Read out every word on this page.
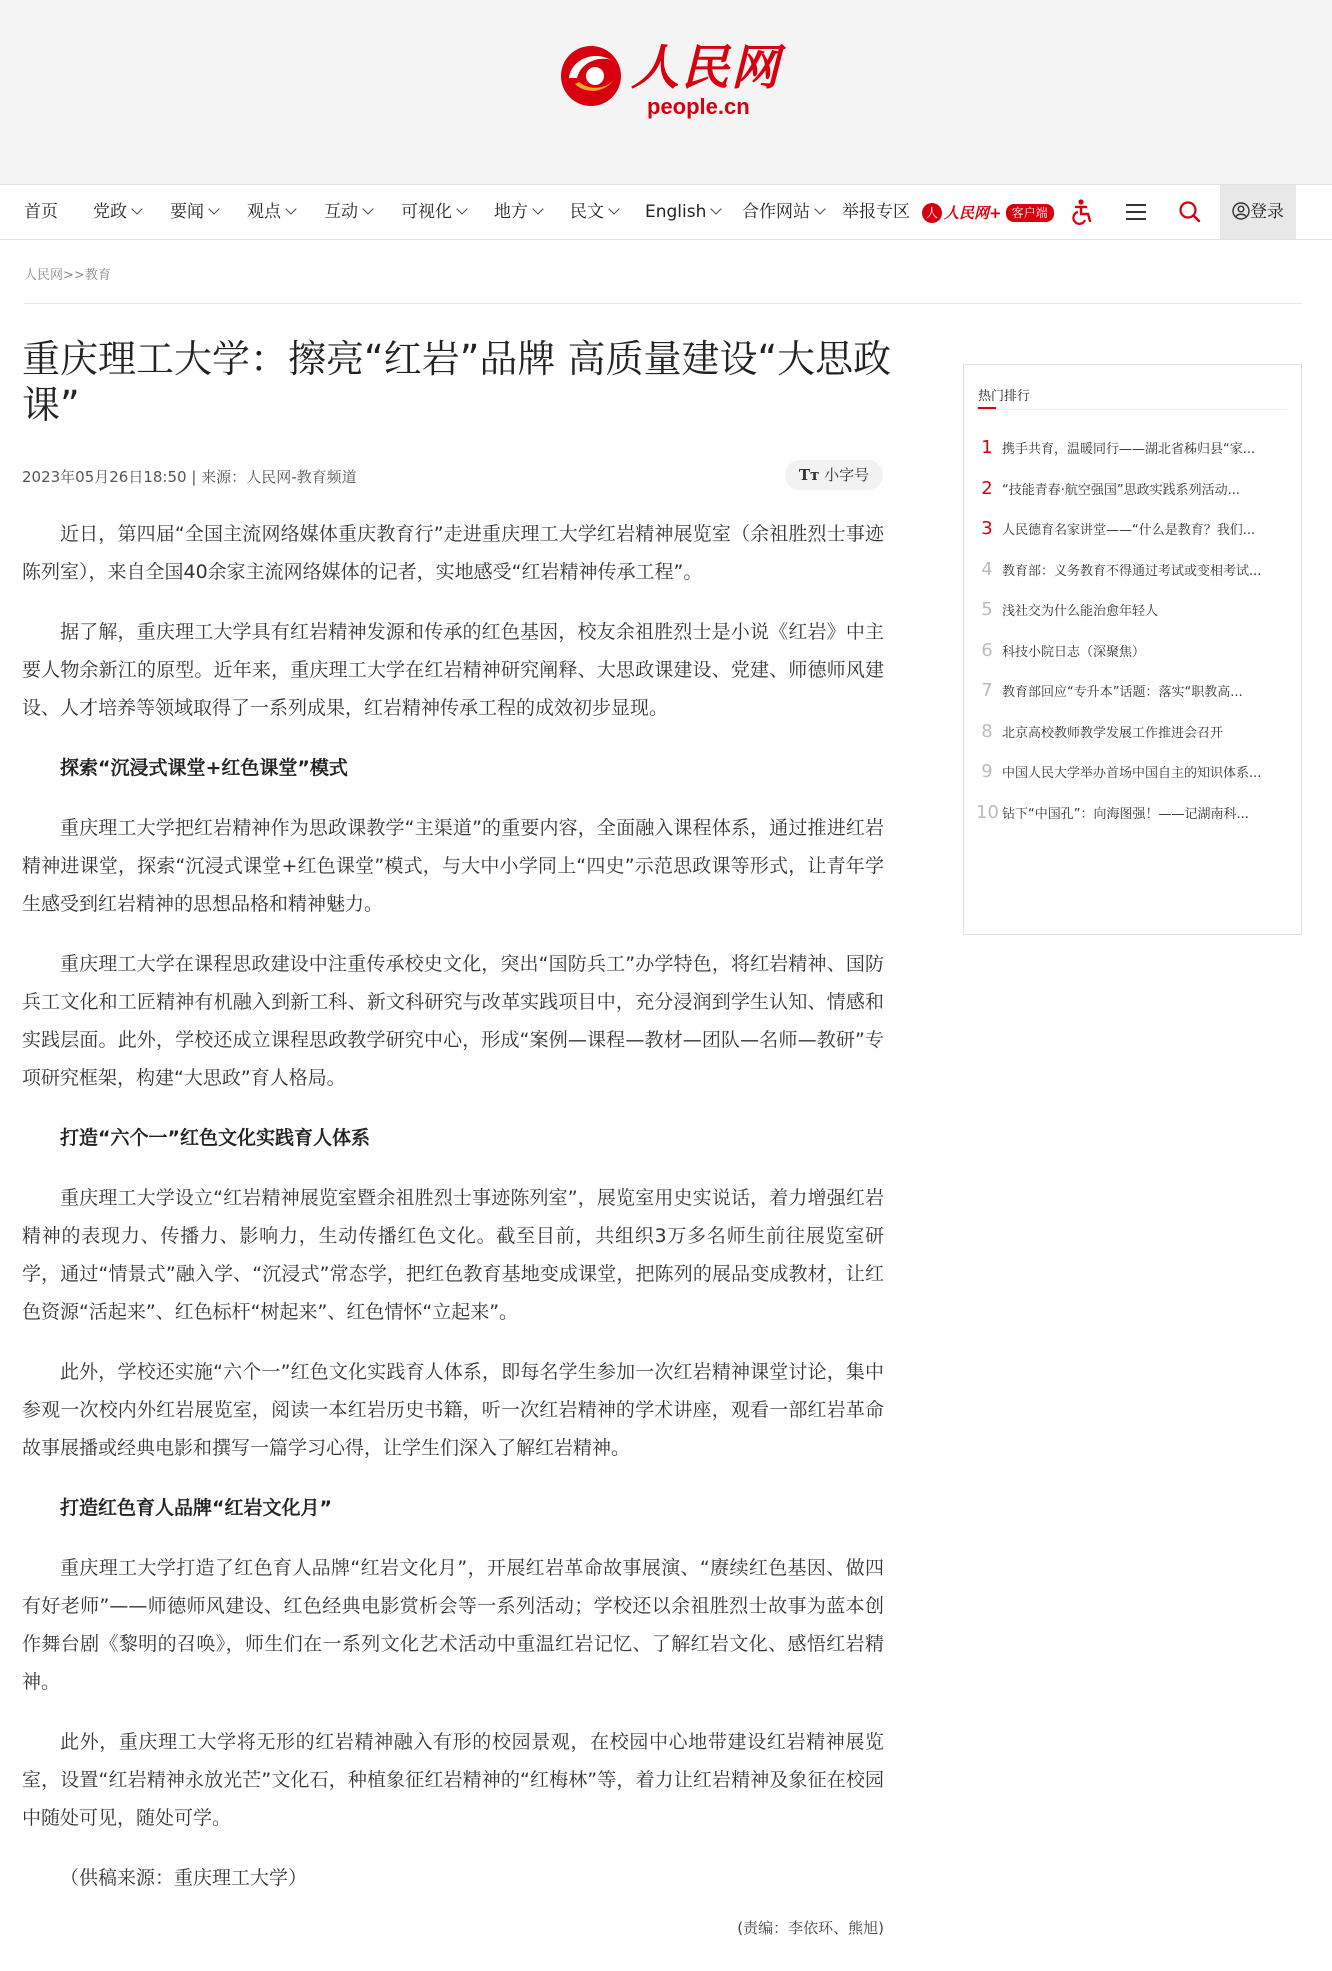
人民网
people.cn
首页 党政	要闻	观点	互动	可视化	地方	民文	English	合作网站	举报专区	人 人民网+ 客户端	登录
人民网>>教育
重庆理工大学：擦亮“红岩”品牌 高质量建设“大思政课”
2023年05月26日18:50 | 来源：人民网-教育频道	Tт 小字号

近日，第四届“全国主流网络媒体重庆教育行”走进重庆理工大学红岩精神展览室（余祖胜烈士事迹陈列室），来自全国40余家主流网络媒体的记者，实地感受“红岩精神传承工程”。

据了解，重庆理工大学具有红岩精神发源和传承的红色基因，校友余祖胜烈士是小说《红岩》中主要人物余新江的原型。近年来，重庆理工大学在红岩精神研究阐释、大思政课建设、党建、师德师风建设、人才培养等领域取得了一系列成果，红岩精神传承工程的成效初步显现。

探索“沉浸式课堂+红色课堂”模式

重庆理工大学把红岩精神作为思政课教学“主渠道”的重要内容，全面融入课程体系，通过推进红岩精神进课堂，探索“沉浸式课堂+红色课堂”模式，与大中小学同上“四史”示范思政课等形式，让青年学生感受到红岩精神的思想品格和精神魅力。

重庆理工大学在课程思政建设中注重传承校史文化，突出“国防兵工”办学特色，将红岩精神、国防兵工文化和工匠精神有机融入到新工科、新文科研究与改革实践项目中，充分浸润到学生认知、情感和实践层面。此外，学校还成立课程思政教学研究中心，形成“案例—课程—教材—团队—名师—教研”专项研究框架，构建“大思政”育人格局。

打造“六个一”红色文化实践育人体系

重庆理工大学设立“红岩精神展览室暨余祖胜烈士事迹陈列室”，展览室用史实说话，着力增强红岩精神的表现力、传播力、影响力，生动传播红色文化。截至目前，共组织3万多名师生前往展览室研学，通过“情景式”融入学、“沉浸式”常态学，把红色教育基地变成课堂，把陈列的展品变成教材，让红色资源“活起来”、红色标杆“树起来”、红色情怀“立起来”。

此外，学校还实施“六个一”红色文化实践育人体系，即每名学生参加一次红岩精神课堂讨论，集中参观一次校内外红岩展览室，阅读一本红岩历史书籍，听一次红岩精神的学术讲座，观看一部红岩革命故事展播或经典电影和撰写一篇学习心得，让学生们深入了解红岩精神。

打造红色育人品牌“红岩文化月”

重庆理工大学打造了红色育人品牌“红岩文化月”，开展红岩革命故事展演、“赓续红色基因、做四有好老师”——师德师风建设、红色经典电影赏析会等一系列活动；学校还以余祖胜烈士故事为蓝本创作舞台剧《黎明的召唤》，师生们在一系列文化艺术活动中重温红岩记忆、了解红岩文化、感悟红岩精神。

此外，重庆理工大学将无形的红岩精神融入有形的校园景观，在校园中心地带建设红岩精神展览室，设置“红岩精神永放光芒”文化石，种植象征红岩精神的“红梅林”等，着力让红岩精神及象征在校园中随处可见，随处可学。

（供稿来源：重庆理工大学）

(责编：李依环、熊旭)
热门排行
1 携手共育，温暖同行——湖北省秭归县“家...
2 “技能青春·航空强国”思政实践系列活动...
3 人民德育名家讲堂——“什么是教育？我们...
4 教育部：义务教育不得通过考试或变相考试...
5 浅社交为什么能治愈年轻人
6 科技小院日志（深聚焦）
7 教育部回应“专升本”话题：落实“职教高...
8 北京高校教师教学发展工作推进会召开
9 中国人民大学举办首场中国自主的知识体系...
10 钻下“中国孔”：向海图强！——记湖南科...
